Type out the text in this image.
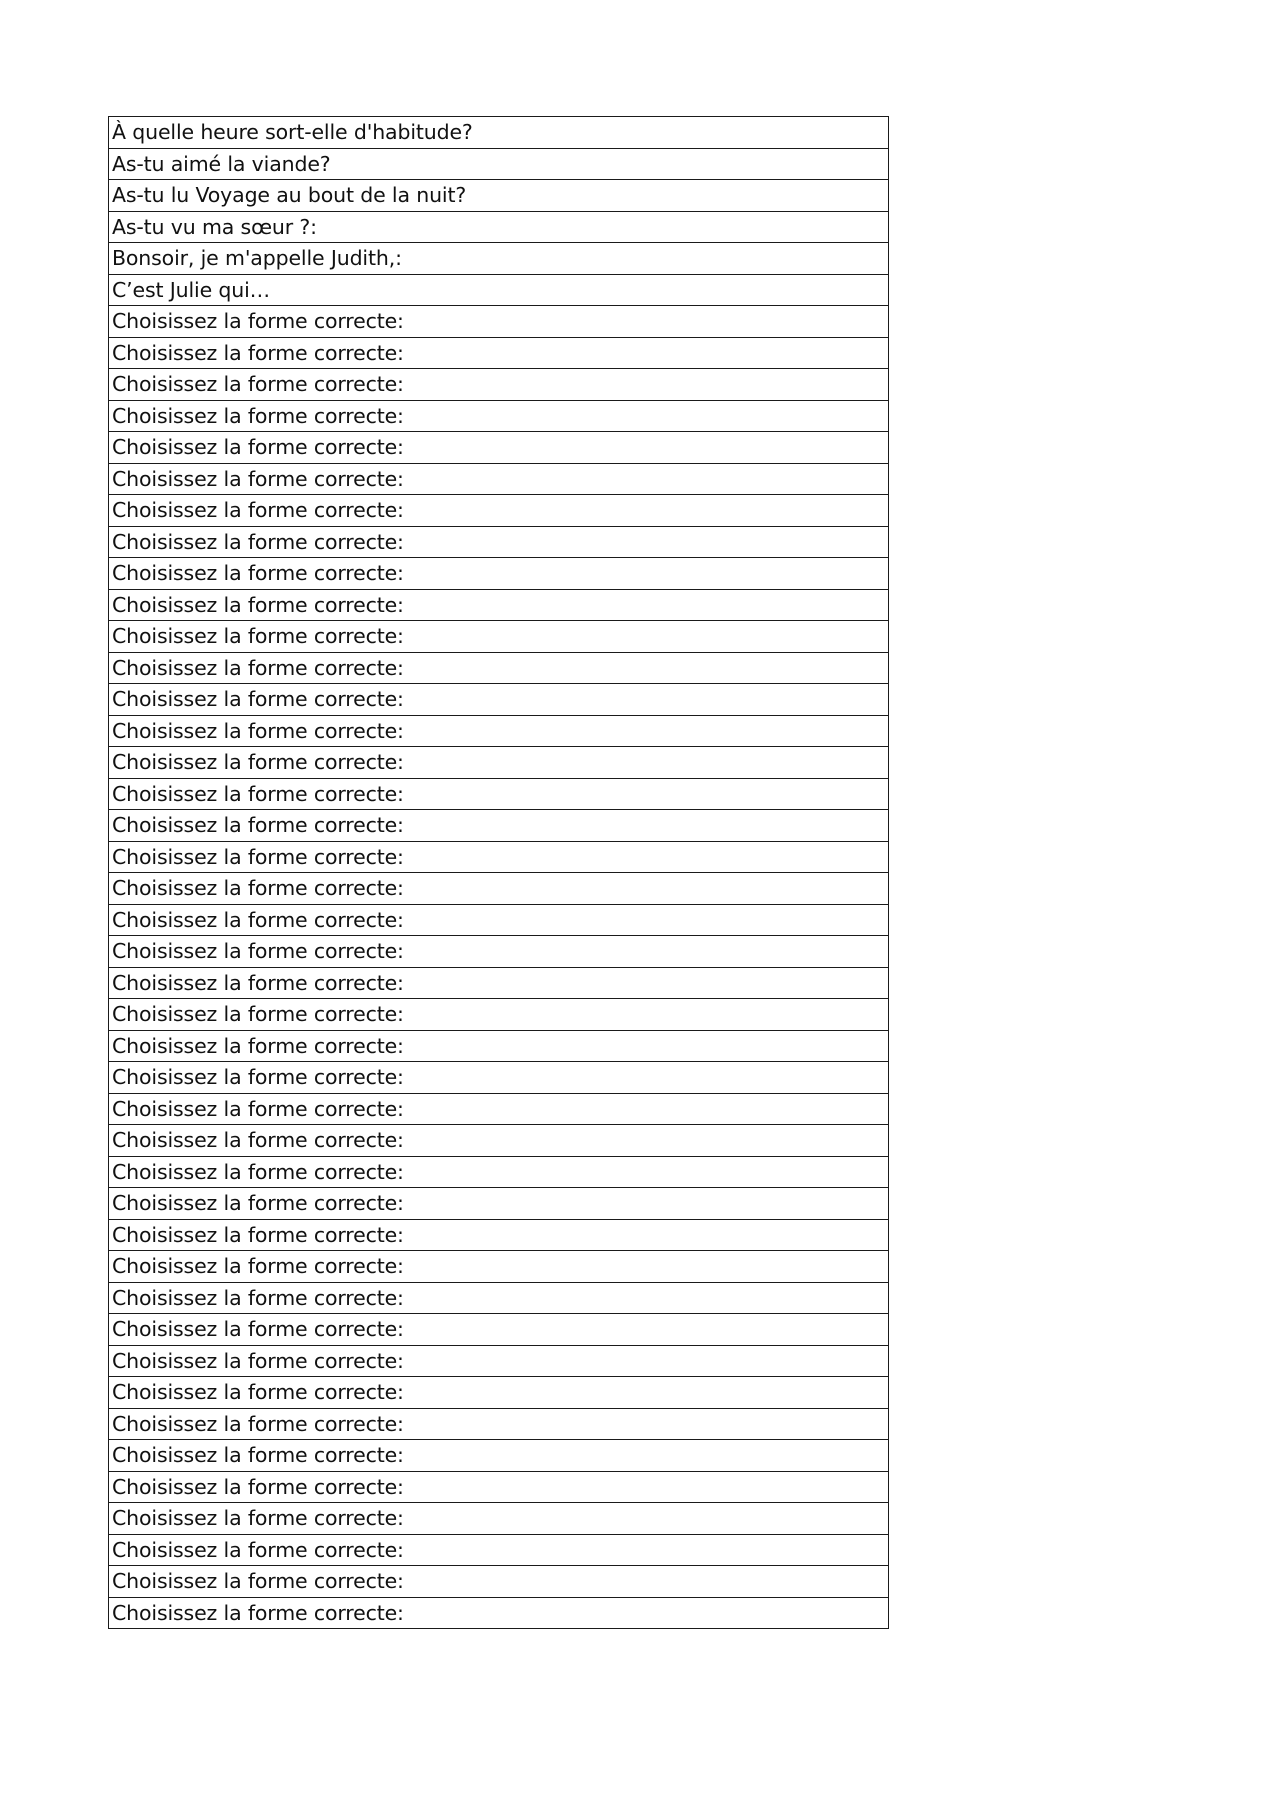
À quelle heure sort-elle d'habitude?
As-tu aimé la viande?
As-tu lu Voyage au bout de la nuit?
As-tu vu ma sœur ?:
Bonsoir, je m'appelle Judith,:
C’est Julie qui…
Choisissez la forme correcte:
Choisissez la forme correcte:
Choisissez la forme correcte:
Choisissez la forme correcte:
Choisissez la forme correcte:
Choisissez la forme correcte:
Choisissez la forme correcte:
Choisissez la forme correcte:
Choisissez la forme correcte:
Choisissez la forme correcte:
Choisissez la forme correcte:
Choisissez la forme correcte:
Choisissez la forme correcte:
Choisissez la forme correcte:
Choisissez la forme correcte:
Choisissez la forme correcte:
Choisissez la forme correcte:
Choisissez la forme correcte:
Choisissez la forme correcte:
Choisissez la forme correcte:
Choisissez la forme correcte:
Choisissez la forme correcte:
Choisissez la forme correcte:
Choisissez la forme correcte:
Choisissez la forme correcte:
Choisissez la forme correcte:
Choisissez la forme correcte:
Choisissez la forme correcte:
Choisissez la forme correcte:
Choisissez la forme correcte:
Choisissez la forme correcte:
Choisissez la forme correcte:
Choisissez la forme correcte:
Choisissez la forme correcte:
Choisissez la forme correcte:
Choisissez la forme correcte:
Choisissez la forme correcte:
Choisissez la forme correcte:
Choisissez la forme correcte:
Choisissez la forme correcte:
Choisissez la forme correcte:
Choisissez la forme correcte:
